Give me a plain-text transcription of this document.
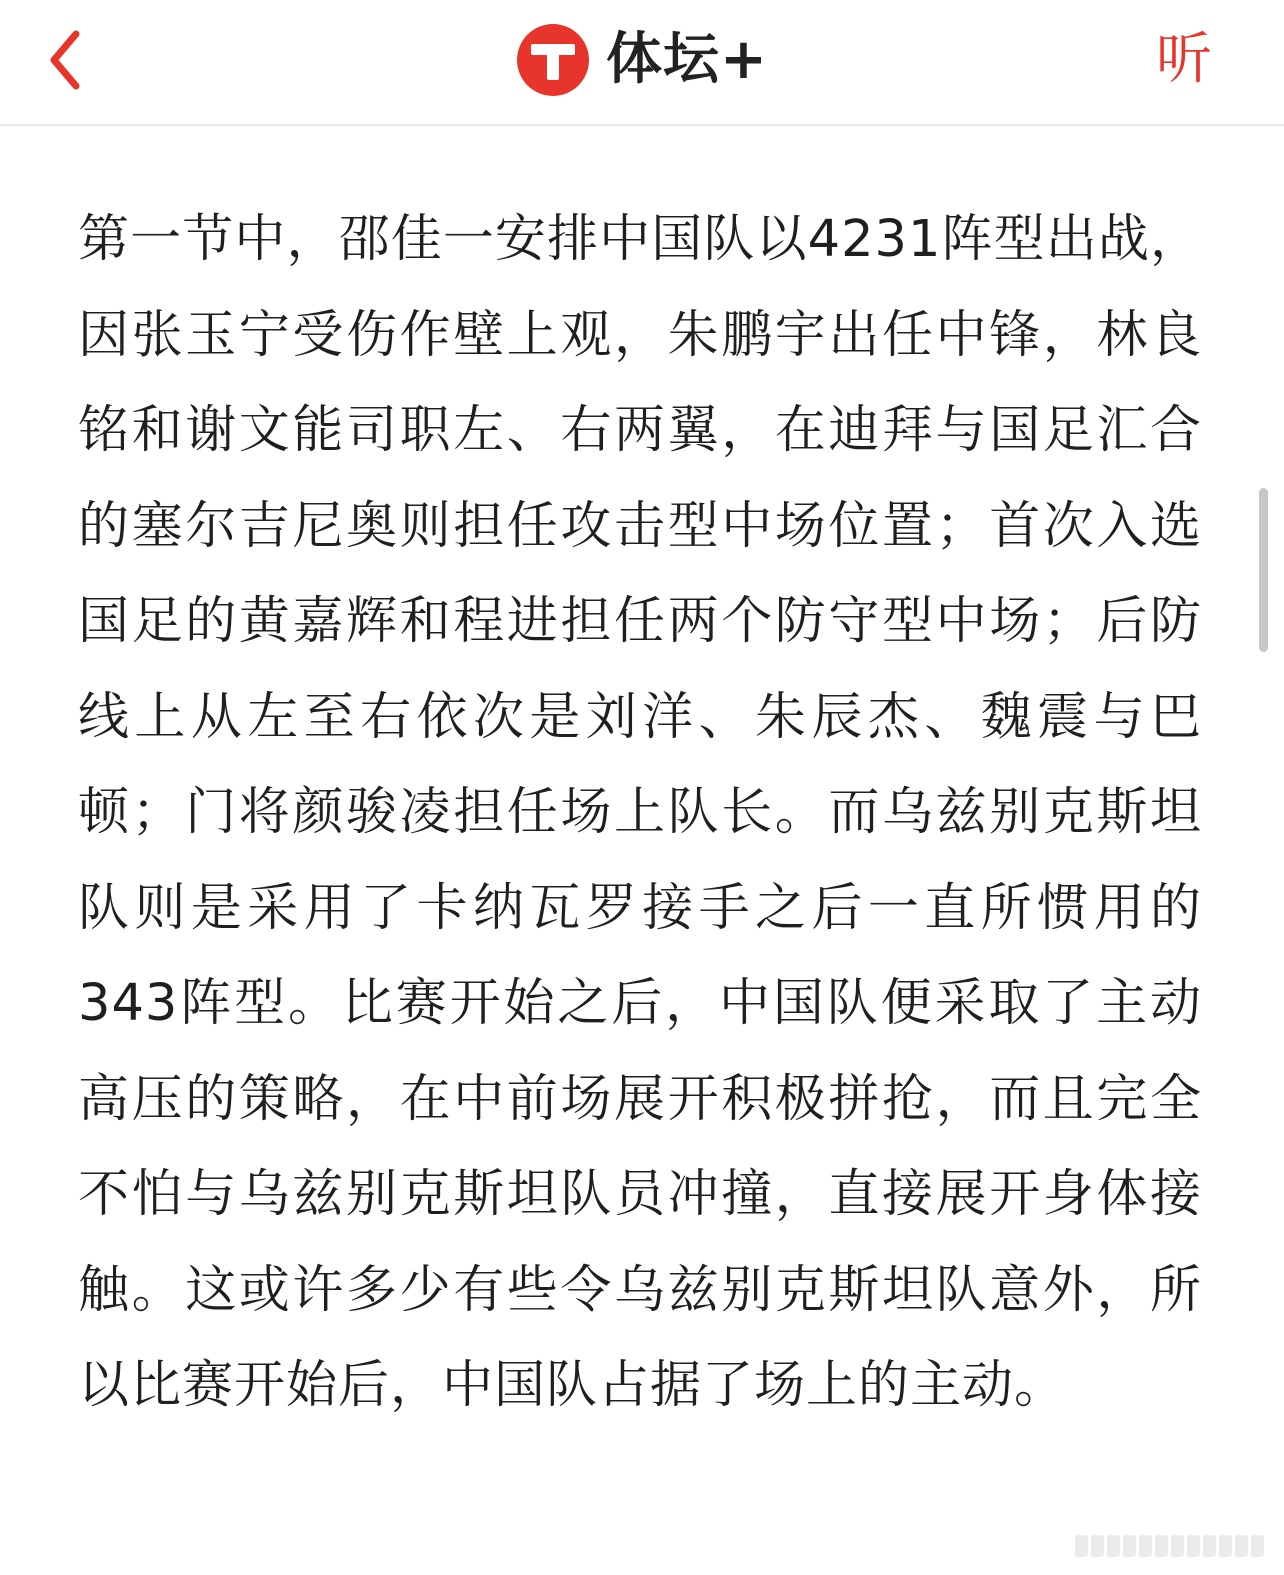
体坛+	听

第一节中，邵佳一安排中国队以4231阵型出战，因张玉宁受伤作壁上观，朱鹏宇出任中锋，林良铭和谢文能司职左、右两翼，在迪拜与国足汇合的塞尔吉尼奥则担任攻击型中场位置；首次入选国足的黄嘉辉和程进担任两个防守型中场；后防线上从左至右依次是刘洋、朱辰杰、魏震与巴顿；门将颜骏凌担任场上队长。而乌兹别克斯坦队则是采用了卡纳瓦罗接手之后一直所惯用的343阵型。比赛开始之后，中国队便采取了主动高压的策略，在中前场展开积极拼抢，而且完全不怕与乌兹别克斯坦队员冲撞，直接展开身体接触。这或许多少有些令乌兹别克斯坦队意外，所以比赛开始后，中国队占据了场上的主动。
